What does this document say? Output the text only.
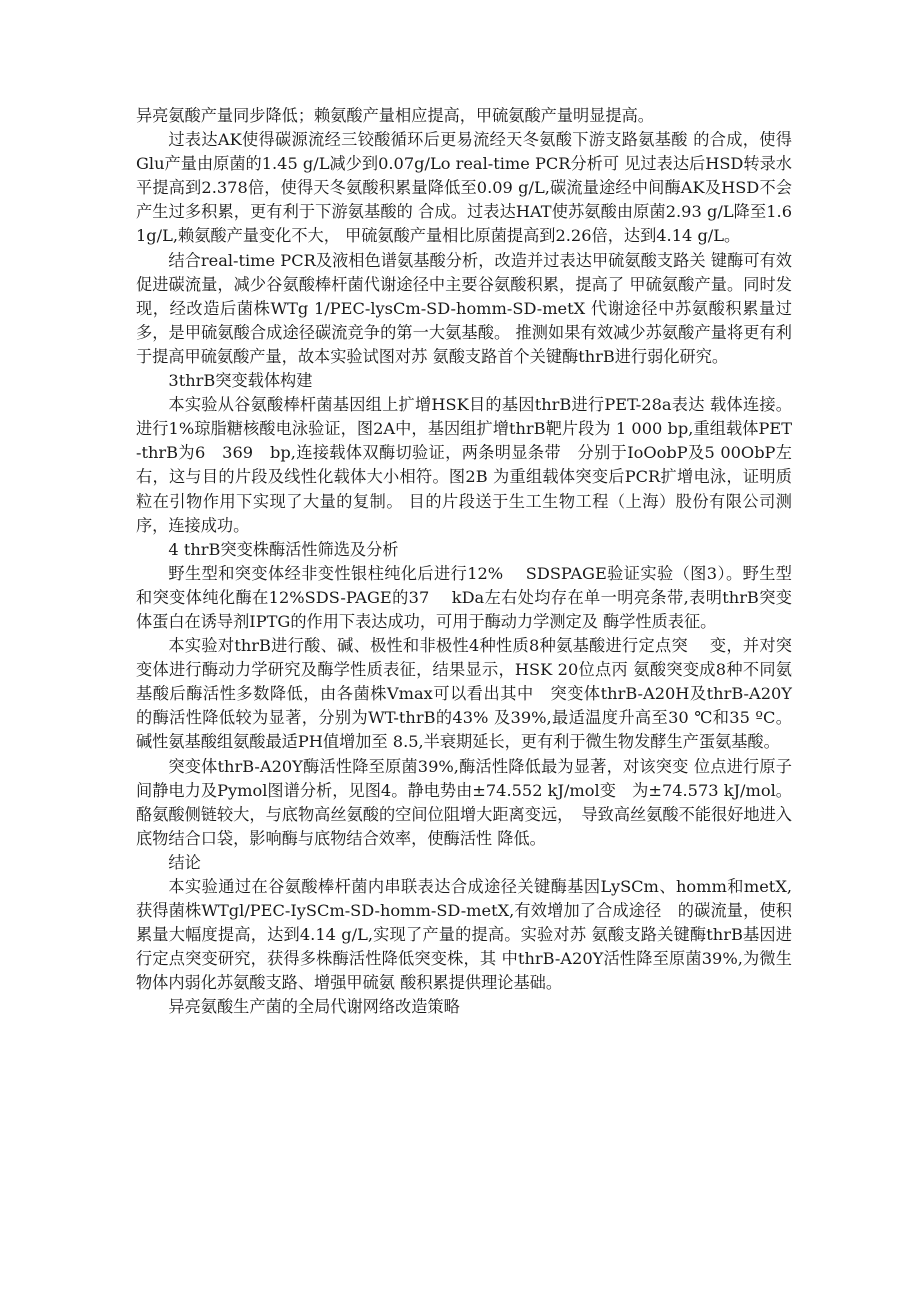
异亮氨酸产量同步降低；赖氨酸产量相应提高，甲硫氨酸产量明显提高。

过表达AK使得碳源流经三铰酸循环后更易流经天冬氨酸下游支路氨基酸 的合成，使得Glu产量由原菌的1.45 g/L减少到0.07g/Lo real-time PCR分析可 见过表达后HSD转录水平提高到2.378倍，使得天冬氨酸积累量降低至0.09 g/L,碳流量途经中间酶AK及HSD不会产生过多积累，更有利于下游氨基酸的 合成。过表达HAT使苏氨酸由原菌2.93 g/L降至1.61g/L,赖氨酸产量变化不大， 甲硫氨酸产量相比原菌提高到2.26倍，达到4.14 g/L。

结合real-time PCR及液相色谱氨基酸分析，改造并过表达甲硫氨酸支路关 键酶可有效促进碳流量，减少谷氨酸棒杆菌代谢途径中主要谷氨酸积累，提高了 甲硫氨酸产量。同时发现，经改造后菌株WTg 1/PEC-lysCm-SD-homm-SD-metX 代谢途径中苏氨酸积累量过多，是甲硫氨酸合成途径碳流竞争的第一大氨基酸。 推测如果有效减少苏氨酸产量将更有利于提高甲硫氨酸产量，故本实验试图对苏 氨酸支路首个关键酶thrB进行弱化研究。

3thrB突变载体构建

本实验从谷氨酸棒杆菌基因组上扩增HSK目的基因thrB进行PET-28a表达 载体连接。进行1%琼脂糖核酸电泳验证，图2A中，基因组扩增thrB靶片段为 1 000 bp,重组载体PET-thrB为6　369　bp,连接载体双酶切验证，两条明显条带　分别于IoOobP及5 00ObP左右，这与目的片段及线性化载体大小相符。图2B 为重组载体突变后PCR扩增电泳，证明质粒在引物作用下实现了大量的复制。 目的片段送于生工生物工程（上海）股份有限公司测序，连接成功。

4 thrB突变株酶活性筛选及分析

野生型和突变体经非变性银柱纯化后进行12%　 SDSPAGE验证实验（图3）。野生型和突变体纯化酶在12%SDS-PAGE的37　 kDa左右处均存在单一明亮条带,表明thrB突变体蛋白在诱导剂IPTG的作用下表达成功，可用于酶动力学测定及 酶学性质表征。

本实验对thrB进行酸、碱、极性和非极性4种性质8种氨基酸进行定点突　 变，并对突变体进行酶动力学研究及酶学性质表征，结果显示，HSK 20位点丙 氨酸突变成8种不同氨基酸后酶活性多数降低，由各菌株Vmax可以看出其中　突变体thrB-A20H及thrB-A20Y的酶活性降低较为显著，分别为WT-thrB的43% 及39%,最适温度升高至30 ℃和35 ºC。碱性氨基酸组氨酸最适PH值增加至 8.5,半衰期延长，更有利于微生物发酵生产蛋氨基酸。

突变体thrB-A20Y酶活性降至原菌39%,酶活性降低最为显著，对该突变 位点进行原子间静电力及Pymol图谱分析，见图4。静电势由±74.552 kJ/mol变　为±74.573 kJ/mol。酪氨酸侧链较大，与底物高丝氨酸的空间位阻增大距离变远，　导致高丝氨酸不能很好地进入底物结合口袋，影响酶与底物结合效率，使酶活性 降低。

结论

本实验通过在谷氨酸棒杆菌内串联表达合成途径关键酶基因LySCm、homm和metX,获得菌株WTgl/PEC-IySCm-SD-homm-SD-metX,有效增加了合成途径　的碳流量，使积累量大幅度提高，达到4.14 g/L,实现了产量的提高。实验对苏 氨酸支路关键酶thrB基因进行定点突变研究，获得多株酶活性降低突变株，其 中thrB-A20Y活性降至原菌39%,为微生物体内弱化苏氨酸支路、增强甲硫氨 酸积累提供理论基础。

异亮氨酸生产菌的全局代谢网络改造策略
